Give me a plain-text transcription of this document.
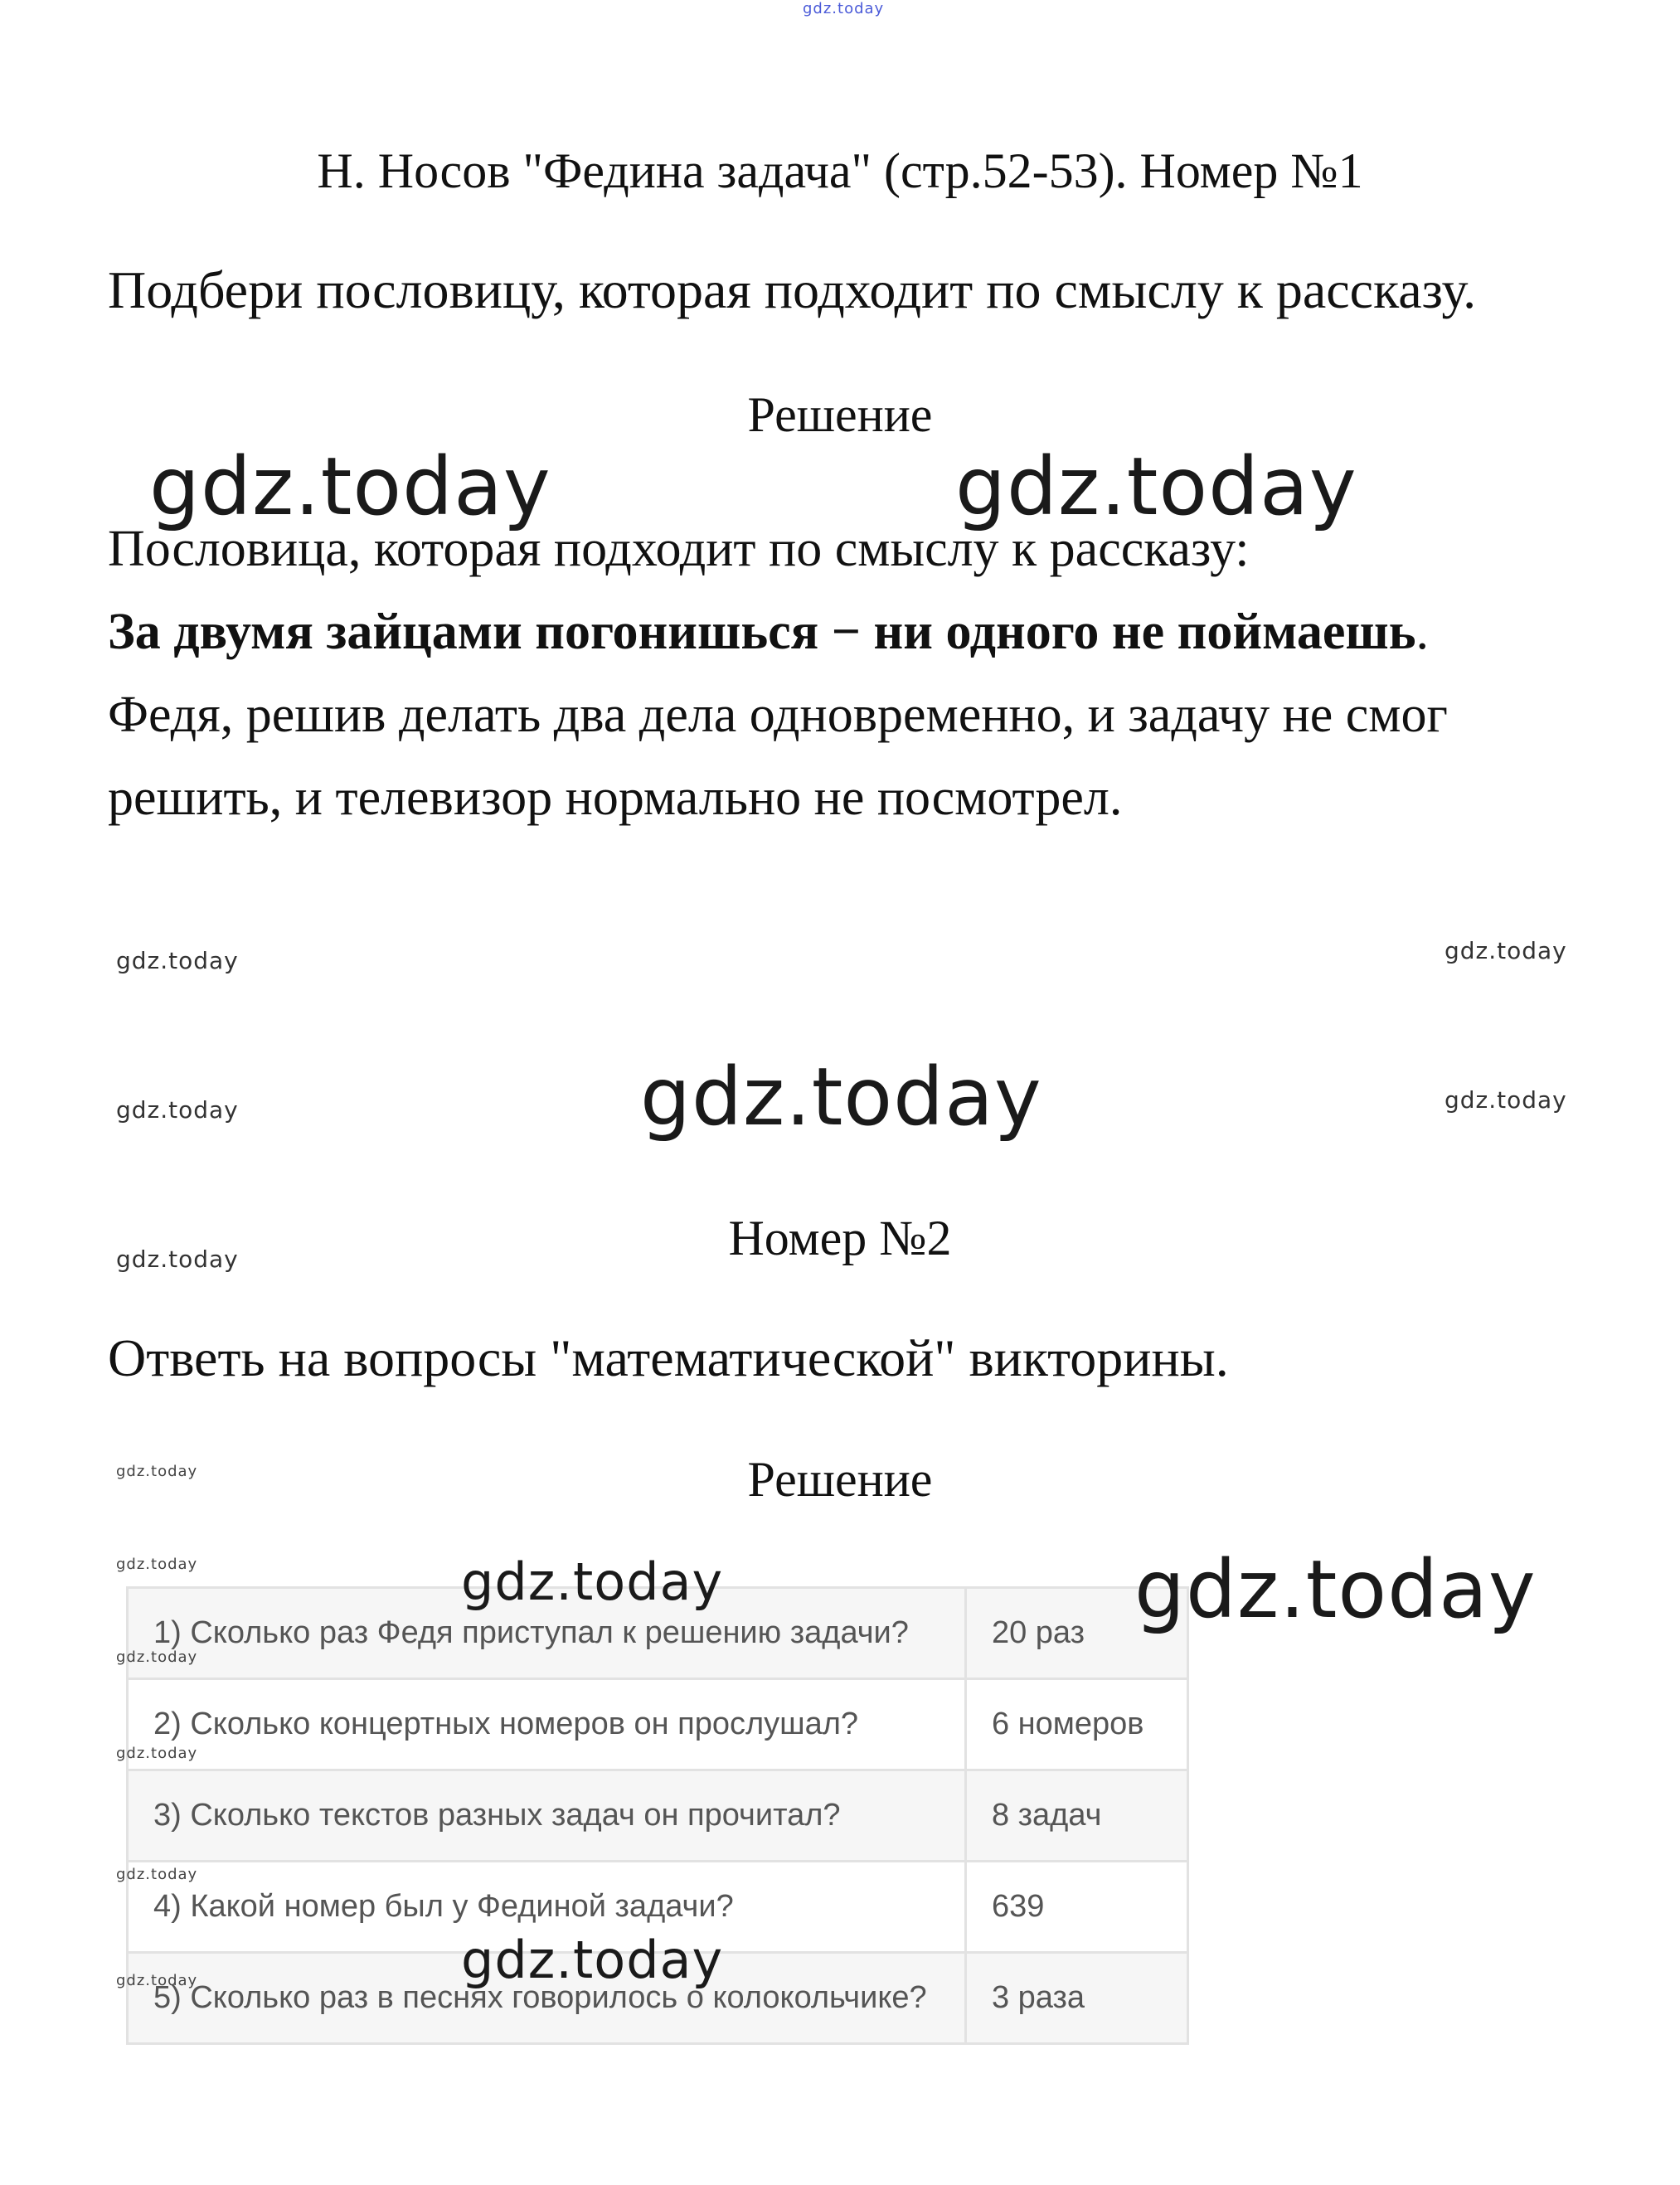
gdz.today
Н. Носов "Федина задача" (стр.52-53). Номер №1
Подбери пословицу, которая подходит по смыслу к рассказу.
Решение
Пословица, которая подходит по смыслу к рассказу:
За двумя зайцами погонишься − ни одного не поймаешь.
Федя, решив делать два дела одновременно, и задачу не смог
решить, и телевизор нормально не посмотрел.
gdz.today	gdz.today
gdz.today	gdz.today
gdz.today	gdz.today
gdz.today
gdz.today
Номер №2
Ответь на вопросы "математической" викторины.
Решение
1) Сколько раз Федя приступал к решению задачи?	20 раз
2) Сколько концертных номеров он прослушал?	6 номеров
3) Сколько текстов разных задач он прочитал?	8 задач
4) Какой номер был у Фединой задачи?	639
5) Сколько раз в песнях говорилось о колокольчике?	3 раза
gdz.today
gdz.today
gdz.today
gdz.today
gdz.today
gdz.today
gdz.today	gdz.today
gdz.today
